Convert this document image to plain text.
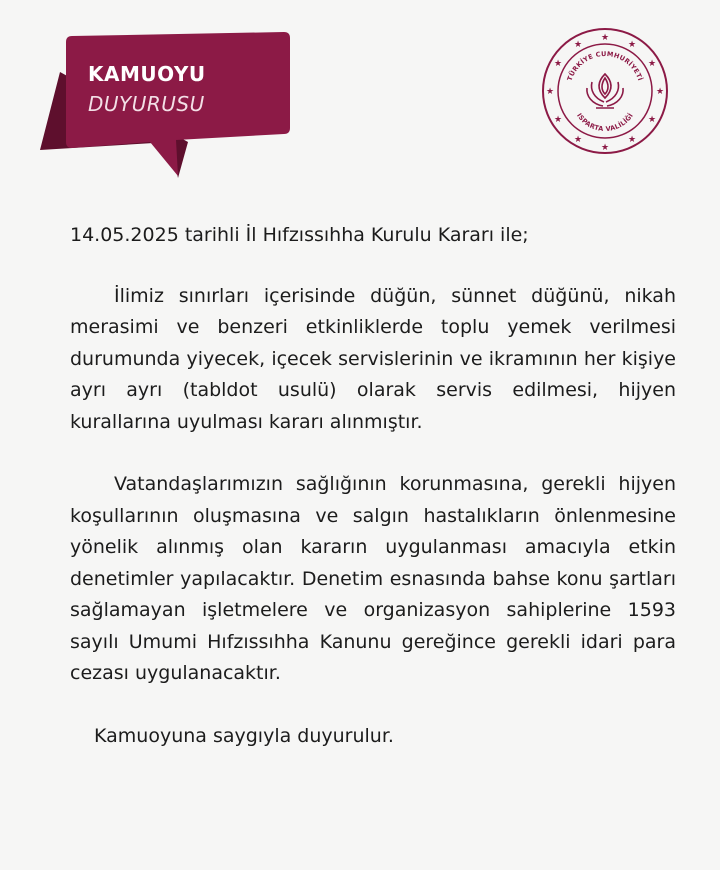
KAMUOYU
DUYURUSU
★
★
★
★
★
★
★
★
★
★
★
★
TÜRKİYE CUMHURİYETİ
ISPARTA VALİLİĞİ

14.05.2025 tarihli İl Hıfzıssıhha Kurulu Kararı ile;

İlimiz sınırları içerisinde düğün, sünnet düğünü, nikah merasimi ve benzeri etkinliklerde toplu yemek verilmesi durumunda yiyecek, içecek servislerinin ve ikramının her kişiye ayrı ayrı (tabldot usulü) olarak servis edilmesi, hijyen kurallarına uyulması kararı alınmıştır.

Vatandaşlarımızın sağlığının korunmasına, gerekli hijyen koşullarının oluşmasına ve salgın hastalıkların önlenmesine yönelik alınmış olan kararın uygulanması amacıyla etkin denetimler yapılacaktır. Denetim esnasında bahse konu şartları sağlamayan işletmelere ve organizasyon sahiplerine 1593 sayılı Umumi Hıfzıssıhha Kanunu gereğince gerekli idari para cezası uygulanacaktır.

Kamuoyuna saygıyla duyurulur.
